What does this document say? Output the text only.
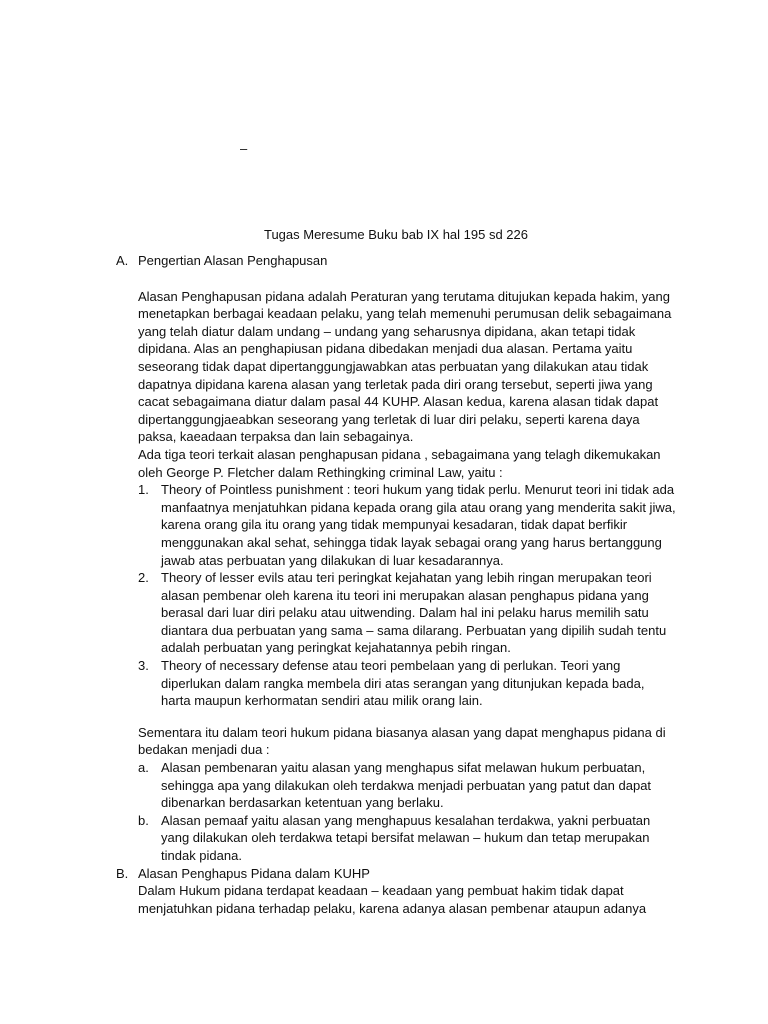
–
Tugas Meresume Buku bab IX hal 195 sd 226
A. Pengertian Alasan Penghapusan

Alasan Penghapusan pidana adalah Peraturan yang terutama ditujukan kepada hakim, yang menetapkan berbagai keadaan pelaku, yang telah memenuhi perumusan delik sebagaimana yang telah diatur dalam undang – undang yang seharusnya dipidana, akan tetapi tidak dipidana. Alas an penghapiusan pidana dibedakan menjadi dua alasan. Pertama yaitu seseorang tidak dapat dipertanggungjawabkan atas perbuatan yang dilakukan atau tidak dapatnya dipidana karena alasan yang terletak pada diri orang tersebut, seperti jiwa yang cacat sebagaimana diatur dalam pasal 44 KUHP. Alasan kedua, karena alasan tidak dapat dipertanggungjaeabkan seseorang yang terletak di luar diri pelaku, seperti karena daya paksa, kaeadaan terpaksa dan lain sebagainya.

Ada tiga teori terkait alasan penghapusan pidana , sebagaimana yang telagh dikemukakan oleh George P. Fletcher dalam Rethingking criminal Law, yaitu :

1. Theory of Pointless punishment : teori hukum yang tidak perlu. Menurut teori ini tidak ada manfaatnya menjatuhkan pidana kepada orang gila atau orang yang menderita sakit jiwa, karena orang gila itu orang yang tidak mempunyai kesadaran, tidak dapat berfikir menggunakan akal sehat, sehingga tidak layak sebagai orang yang harus bertanggung jawab atas perbuatan yang dilakukan di luar kesadarannya.
2. Theory of lesser evils atau teri peringkat kejahatan yang lebih ringan merupakan teori alasan pembenar oleh karena itu teori ini merupakan alasan penghapus pidana yang berasal dari luar diri pelaku atau uitwending. Dalam hal ini pelaku harus memilih satu diantara dua perbuatan yang sama – sama dilarang. Perbuatan yang dipilih sudah tentu adalah perbuatan yang peringkat kejahatannya pebih ringan.
3. Theory of necessary defense atau teori pembelaan yang di perlukan. Teori yang diperlukan dalam rangka membela diri atas serangan yang ditunjukan kepada bada, harta maupun kerhormatan sendiri atau milik orang lain.

Sementara itu dalam teori hukum pidana biasanya alasan yang dapat menghapus pidana di bedakan menjadi dua :

a. Alasan pembenaran yaitu alasan yang menghapus sifat melawan hukum perbuatan, sehingga apa yang dilakukan oleh terdakwa menjadi perbuatan yang patut dan dapat dibenarkan berdasarkan ketentuan yang berlaku.
b. Alasan pemaaf yaitu alasan yang menghapuus kesalahan terdakwa, yakni perbuatan yang dilakukan oleh terdakwa tetapi bersifat melawan – hukum dan tetap merupakan tindak pidana.
B. Alasan Penghapus Pidana dalam KUHP

Dalam Hukum pidana terdapat keadaan – keadaan yang pembuat hakim tidak dapat menjatuhkan pidana terhadap pelaku, karena adanya alasan pembenar ataupun adanya
